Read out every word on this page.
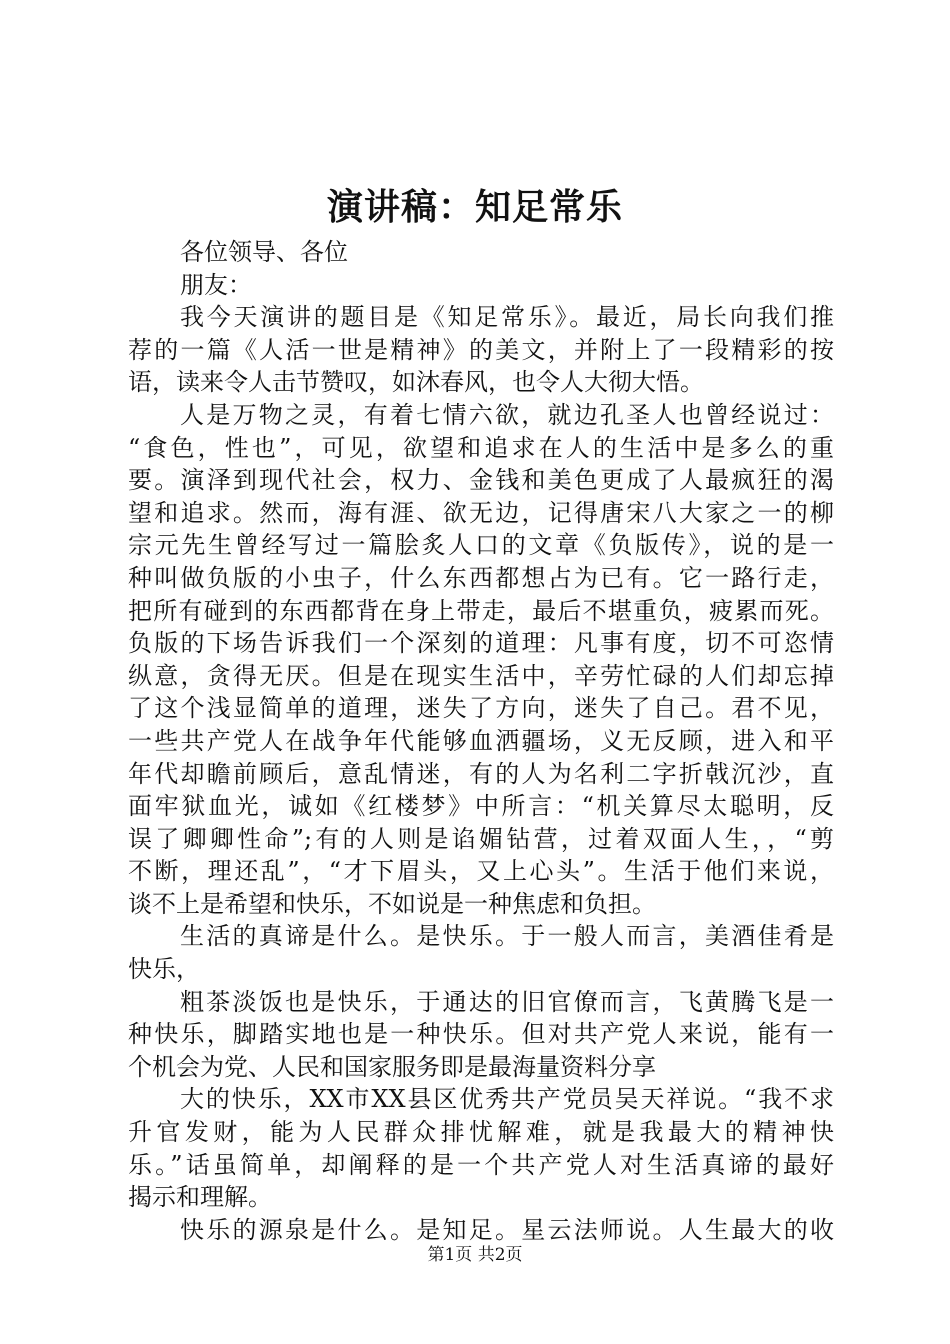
演讲稿：知足常乐
各位领导、各位
朋友：
我今天演讲的题目是《知足常乐》。最近，局长向我们推
荐的一篇《人活一世是精神》的美文，并附上了一段精彩的按
语，读来令人击节赞叹，如沐春风，也令人大彻大悟。
人是万物之灵，有着七情六欲，就边孔圣人也曾经说过：
“食色，性也”，可见，欲望和追求在人的生活中是多么的重
要。演泽到现代社会，权力、金钱和美色更成了人最疯狂的渴
望和追求。然而，海有涯、欲无边，记得唐宋八大家之一的柳
宗元先生曾经写过一篇脍炙人口的文章《负版传》，说的是一
种叫做负版的小虫子，什么东西都想占为已有。它一路行走，
把所有碰到的东西都背在身上带走，最后不堪重负，疲累而死。
负版的下场告诉我们一个深刻的道理：凡事有度，切不可恣情
纵意，贪得无厌。但是在现实生活中，辛劳忙碌的人们却忘掉
了这个浅显简单的道理，迷失了方向，迷失了自己。君不见，
一些共产党人在战争年代能够血洒疆场，义无反顾，进入和平
年代却瞻前顾后，意乱情迷，有的人为名利二字折戟沉沙，直
面牢狱血光，诚如《红楼梦》中所言：“机关算尽太聪明，反
误了卿卿性命”;有的人则是谄媚钻营，过着双面人生，，“剪
不断，理还乱”，“才下眉头，又上心头”。生活于他们来说，
谈不上是希望和快乐，不如说是一种焦虑和负担。
生活的真谛是什么。是快乐。于一般人而言，美酒佳肴是
快乐，
粗茶淡饭也是快乐，于通达的旧官僚而言，飞黄腾飞是一
种快乐，脚踏实地也是一种快乐。但对共产党人来说，能有一
个机会为党、人民和国家服务即是最海量资料分享
大的快乐，XX市XX县区优秀共产党员吴天祥说。“我不求
升官发财，能为人民群众排忧解难，就是我最大的精神快
乐。”话虽简单，却阐释的是一个共产党人对生活真谛的最好
揭示和理解。
快乐的源泉是什么。是知足。星云法师说。人生最大的收
第1页 共2页
